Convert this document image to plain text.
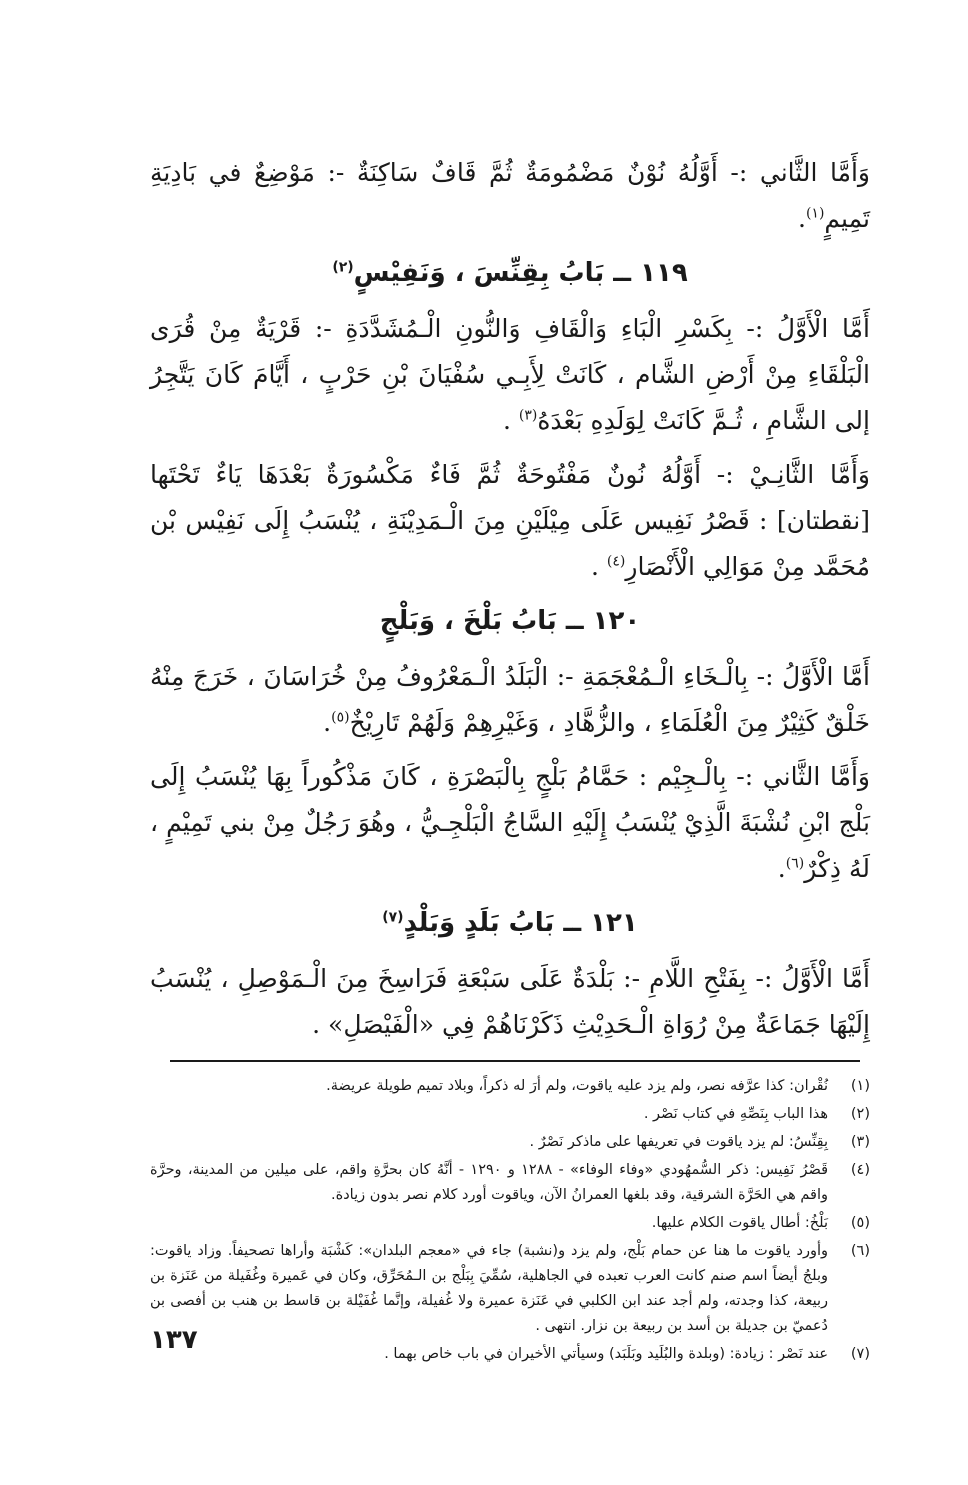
وَأَمَّا الثَّاني :- أَوَّلُهُ نُوْنٌ مَضْمُومَةٌ ثُمَّ قَافٌ سَاكِنَةٌ -: مَوْضِعٌ في بَادِيَةِ تَمِيمٍ$^{(١)}$.

١١٩ ــ بَابُ بِقِنِّسَ ، وَنَفِيْسٍ$^{(٢)}$

أَمَّا الْأَوَّلُ :- بِكَسْرِ الْبَاءِ وَالْقَافِ وَالنُّونِ الْـمُشَدَّدَةِ -: قَرْيَةٌ مِنْ قُرَى الْبَلْقَاءِ مِنْ أَرْضِ الشَّام ، كَانَتْ لِأَبِـي سُفْيَانَ بْنِ حَرْبٍ ، أَيَّامَ كَانَ يَتَّجِرُ إلى الشَّامِ ، ثُـمَّ كَانَتْ لِوَلَدِهِ بَعْدَهُ$^{(٣)}$ .

وَأَمَّا الثَّانِـيْ :- أَوَّلُهُ نُونٌ مَفْتُوحَةٌ ثُمَّ فَاءٌ مَكْسُورَةٌ بَعْدَهَا يَاءٌ تَحْتَها [نقطتان] : قَصْرُ نَفِيس عَلَى مِيْلَيْنِ مِنَ الْـمَدِيْنَةِ ، يُنْسَبُ إِلَى نَفِيْس بْن مُحَمَّد مِنْ مَوَالِي الْأَنْصَارِ$^{(٤)}$ .

١٢٠ ــ بَابُ بَلْخَ ، وَبَلْجٍ

أَمَّا الْأَوَّلُ :- بِالْـخَاءِ الْـمُعْجَمَةِ -: الْبَلَدُ الْـمَعْرُوفُ مِنْ خُرَاسَانَ ، خَرَجَ مِنْهُ خَلْقٌ كَثِيْرٌ مِنَ الْعُلَمَاءِ ، والزُّهَّادِ ، وَغَيْرِهِمْ وَلَهُمْ تَارِيْخٌ$^{(٥)}$.

وَأَمَّا الثَّاني :- بِالْـجِيْم : حَمَّامُ بَلْجٍ بِالْبَصْرَةِ ، كَانَ مَذْكُوراً بِهَا يُنْسَبُ إِلَى بَلْج ابْنِ نُشْبَةَ الَّذِيْ يُنْسَبُ إِلَيْهِ السَّاجُ الْبَلْجِـيُّ ، وهُوَ رَجُلٌ مِنْ بني تَمِيْمٍ ، لَهُ ذِكْرٌ$^{(٦)}$.

١٢١ ــ بَابُ بَلَدٍ وَبَلْدٍ$^{(٧)}$

أَمَّا الْأَوَّلُ :- بِفَتْحِ اللَّامِ -: بَلْدَةٌ عَلَى سَبْعَةِ فَرَاسِخَ مِنَ الْـمَوْصِلِ ، يُنْسَبُ إِلَيْهَا جَمَاعَةٌ مِنْ رُوَاةِ الْـحَدِيْثِ ذَكَرْنَاهُمْ فِي «الْفَيْصَلِ» .

(١)
نُقْران: كذا عرَّفه نصر، ولم يزد عليه ياقوت، ولم أرَ له ذكراً، وبلاد تميم طويلة عريضة.
(٢)
هذا الباب بِنَصِّهِ في كتاب نَصْر .
(٣)
بِقِنِّسُ: لم يزد ياقوت في تعريفها على ماذكر نَصْرٌ .
(٤)
قَصْرُ نَفِيس: ذكر السُّمهُودي «وفاء الوفاء» - ١٢٨٨ و ١٢٩٠ - أنَّهُ كان بحرَّةِ واقم، على ميلين من المدينة، وحرَّة واقم هي الحَرَّة الشرقية، وقد بلغها العمرانُ الآن، وياقوت أورد كلام نصر بدون زيادة.
(٥)
بَلْخُ: أطال ياقوت الكلام عليها.
(٦)
وأورد ياقوت ما هنا عن حمام بَلْج، ولم يزد و(نشبة) جاء في «معجم البلدان»: كَشْبَة وأراها تصحيفاً. وزاد ياقوت: وبلجُ أيضاً اسم صنم كانت العرب تعبده في الجاهلية، سُمِّيَ بِبَلْج بن الـمُحَرِّق، وكان في عَميرة وغُفَيلة من عَنَزة بن ربيعة، كذا وجدته، ولم أجد عند ابن الكلبي في عَنَزة عميرة ولا غُفيلة، وإنَّما غُفَيْلة بن قاسط بن هنب بن أفصى بن دُعميّ بن جديلة بن أسد بن ربيعة بن نزار. انتهى .
(٧)
عند نَصْر : زيادة: (وبلدة والبُلَيد وبَلَبَد) وسيأتي الأخيران في باب خاص بهما .
١٣٧
